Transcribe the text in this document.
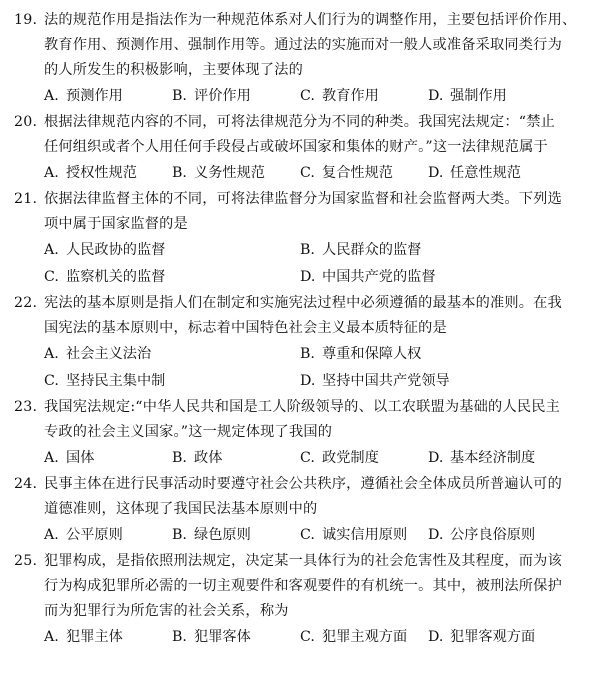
19. 法的规范作用是指法作为一种规范体系对人们行为的调整作用，主要包括评价作用、
教育作用、预测作用、强制作用等。通过法的实施而对一般人或准备采取同类行为
的人所发生的积极影响，主要体现了法的
A. 预测作用	B. 评价作用	C. 教育作用	D. 强制作用
20. 根据法律规范内容的不同，可将法律规范分为不同的种类。我国宪法规定：“禁止
任何组织或者个人用任何手段侵占或破坏国家和集体的财产。”这一法律规范属于
A. 授权性规范	B. 义务性规范	C. 复合性规范	D. 任意性规范
21. 依据法律监督主体的不同，可将法律监督分为国家监督和社会监督两大类。下列选
项中属于国家监督的是
A. 人民政协的监督	B. 人民群众的监督
C. 监察机关的监督	D. 中国共产党的监督
22. 宪法的基本原则是指人们在制定和实施宪法过程中必须遵循的最基本的准则。在我
国宪法的基本原则中，标志着中国特色社会主义最本质特征的是
A. 社会主义法治	B. 尊重和保障人权
C. 坚持民主集中制	D. 坚持中国共产党领导
23. 我国宪法规定:“中华人民共和国是工人阶级领导的、以工农联盟为基础的人民民主
专政的社会主义国家。”这一规定体现了我国的
A. 国体	B. 政体	C. 政党制度	D. 基本经济制度
24. 民事主体在进行民事活动时要遵守社会公共秩序，遵循社会全体成员所普遍认可的
道德准则，这体现了我国民法基本原则中的
A. 公平原则	B. 绿色原则	C. 诚实信用原则	D. 公序良俗原则
25. 犯罪构成，是指依照刑法规定，决定某一具体行为的社会危害性及其程度，而为该
行为构成犯罪所必需的一切主观要件和客观要件的有机统一。其中，被刑法所保护
而为犯罪行为所危害的社会关系，称为
A. 犯罪主体	B. 犯罪客体	C. 犯罪主观方面	D. 犯罪客观方面
